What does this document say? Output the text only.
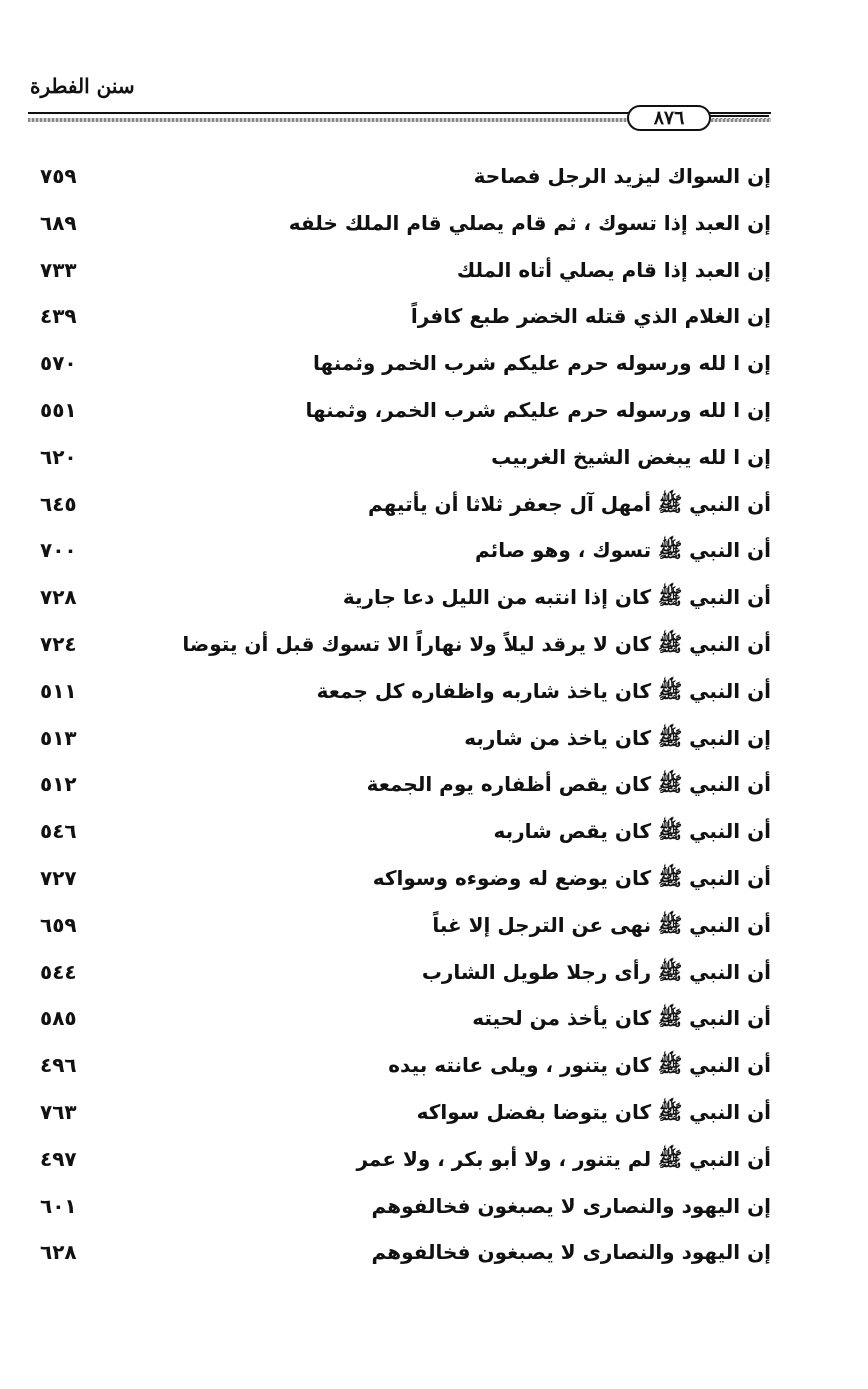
سنن الفطرة
٨٧٦
إن السواك ليزيد الرجل فصاحة
٧٥٩
إن العبد إذا تسوك ، ثم قام يصلي قام الملك خلفه
٦٨٩
إن العبد إذا قام يصلي أتاه الملك
٧٣٣
إن الغلام الذي قتله الخضر طبع كافراً
٤٣٩
إن ا لله ورسوله حرم عليكم شرب الخمر وثمنها
٥٧٠
إن ا لله ورسوله حرم عليكم شرب الخمر، وثمنها
٥٥١
إن ا لله يبغض الشيخ الغربيب
٦٢٠
أن النبي ﷺ أمهل آل جعفر ثلاثا أن يأتيهم
٦٤٥
أن النبي ﷺ تسوك ، وهو صائم
٧٠٠
أن النبي ﷺ كان إذا انتبه من الليل دعا جارية
٧٢٨
أن النبي ﷺ كان لا يرقد ليلاً ولا نهاراً الا تسوك قبل أن يتوضا
٧٢٤
أن النبي ﷺ كان ياخذ شاربه واظفاره كل جمعة
٥١١
إن النبي ﷺ كان ياخذ من شاربه
٥١٣
أن النبي ﷺ كان يقص أظفاره يوم الجمعة
٥١٢
أن النبي ﷺ كان يقص شاربه
٥٤٦
أن النبي ﷺ كان يوضع له وضوءه وسواكه
٧٢٧
أن النبي ﷺ نهى عن الترجل إلا غباً
٦٥٩
أن النبي ﷺ رأى رجلا طويل الشارب
٥٤٤
أن النبي ﷺ كان يأخذ من لحيته
٥٨٥
أن النبي ﷺ كان يتنور ، ويلى عانته بيده
٤٩٦
أن النبي ﷺ كان يتوضا بفضل سواكه
٧٦٣
أن النبي ﷺ لم يتنور ، ولا أبو بكر ، ولا عمر
٤٩٧
إن اليهود والنصارى لا يصبغون فخالفوهم
٦٠١
إن اليهود والنصارى لا يصبغون فخالفوهم
٦٢٨
